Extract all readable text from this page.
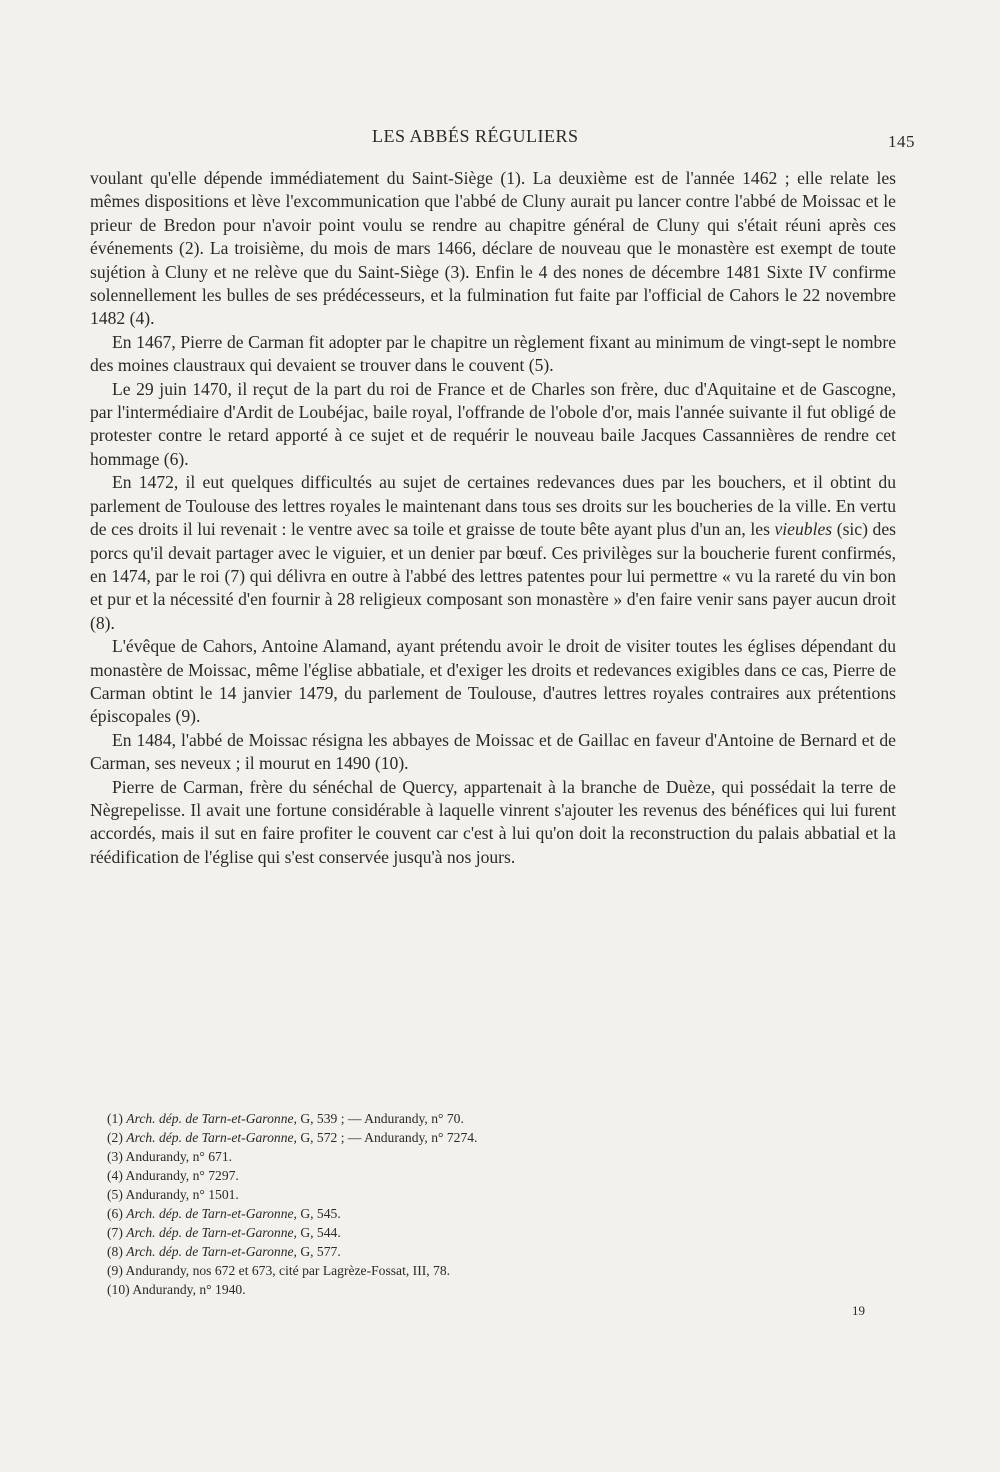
LES ABBÉS RÉGULIERS	145

voulant qu'elle dépende immédiatement du Saint-Siège (1). La deuxième est de l'année 1462 ; elle relate les mêmes dispositions et lève l'excommunication que l'abbé de Cluny aurait pu lancer contre l'abbé de Moissac et le prieur de Bredon pour n'avoir point voulu se rendre au chapitre général de Cluny qui s'était réuni après ces événements (2). La troisième, du mois de mars 1466, déclare de nouveau que le monastère est exempt de toute sujétion à Cluny et ne relève que du Saint-Siège (3). Enfin le 4 des nones de décembre 1481 Sixte IV confirme solennellement les bulles de ses prédécesseurs, et la fulmination fut faite par l'official de Cahors le 22 novembre 1482 (4).

En 1467, Pierre de Carman fit adopter par le chapitre un règlement fixant au minimum de vingt-sept le nombre des moines claustraux qui devaient se trouver dans le couvent (5).

Le 29 juin 1470, il reçut de la part du roi de France et de Charles son frère, duc d'Aquitaine et de Gascogne, par l'intermédiaire d'Ardit de Loubéjac, baile royal, l'offrande de l'obole d'or, mais l'année suivante il fut obligé de protester contre le retard apporté à ce sujet et de requérir le nouveau baile Jacques Cassannières de rendre cet hommage (6).

En 1472, il eut quelques difficultés au sujet de certaines redevances dues par les bouchers, et il obtint du parlement de Toulouse des lettres royales le maintenant dans tous ses droits sur les boucheries de la ville. En vertu de ces droits il lui revenait : le ventre avec sa toile et graisse de toute bête ayant plus d'un an, les vieubles (sic) des porcs qu'il devait partager avec le viguier, et un denier par bœuf. Ces privilèges sur la boucherie furent confirmés, en 1474, par le roi (7) qui délivra en outre à l'abbé des lettres patentes pour lui permettre « vu la rareté du vin bon et pur et la nécessité d'en fournir à 28 religieux composant son monastère » d'en faire venir sans payer aucun droit (8).

L'évêque de Cahors, Antoine Alamand, ayant prétendu avoir le droit de visiter toutes les églises dépendant du monastère de Moissac, même l'église abbatiale, et d'exiger les droits et redevances exigibles dans ce cas, Pierre de Carman obtint le 14 janvier 1479, du parlement de Toulouse, d'autres lettres royales contraires aux prétentions épiscopales (9).

En 1484, l'abbé de Moissac résigna les abbayes de Moissac et de Gaillac en faveur d'Antoine de Bernard et de Carman, ses neveux ; il mourut en 1490 (10).

Pierre de Carman, frère du sénéchal de Quercy, appartenait à la branche de Duèze, qui possédait la terre de Nègrepelisse. Il avait une fortune considérable à laquelle vinrent s'ajouter les revenus des bénéfices qui lui furent accordés, mais il sut en faire profiter le couvent car c'est à lui qu'on doit la reconstruction du palais abbatial et la réédification de l'église qui s'est conservée jusqu'à nos jours.

(1) Arch. dép. de Tarn-et-Garonne, G, 539 ; — Andurandy, n° 70.
(2) Arch. dép. de Tarn-et-Garonne, G, 572 ; — Andurandy, n° 7274.
(3) Andurandy, n° 671.
(4) Andurandy, n° 7297.
(5) Andurandy, n° 1501.
(6) Arch. dép. de Tarn-et-Garonne, G, 545.
(7) Arch. dép. de Tarn-et-Garonne, G, 544.
(8) Arch. dép. de Tarn-et-Garonne, G, 577.
(9) Andurandy, nos 672 et 673, cité par Lagrèze-Fossat, III, 78.
(10) Andurandy, n° 1940.
19
